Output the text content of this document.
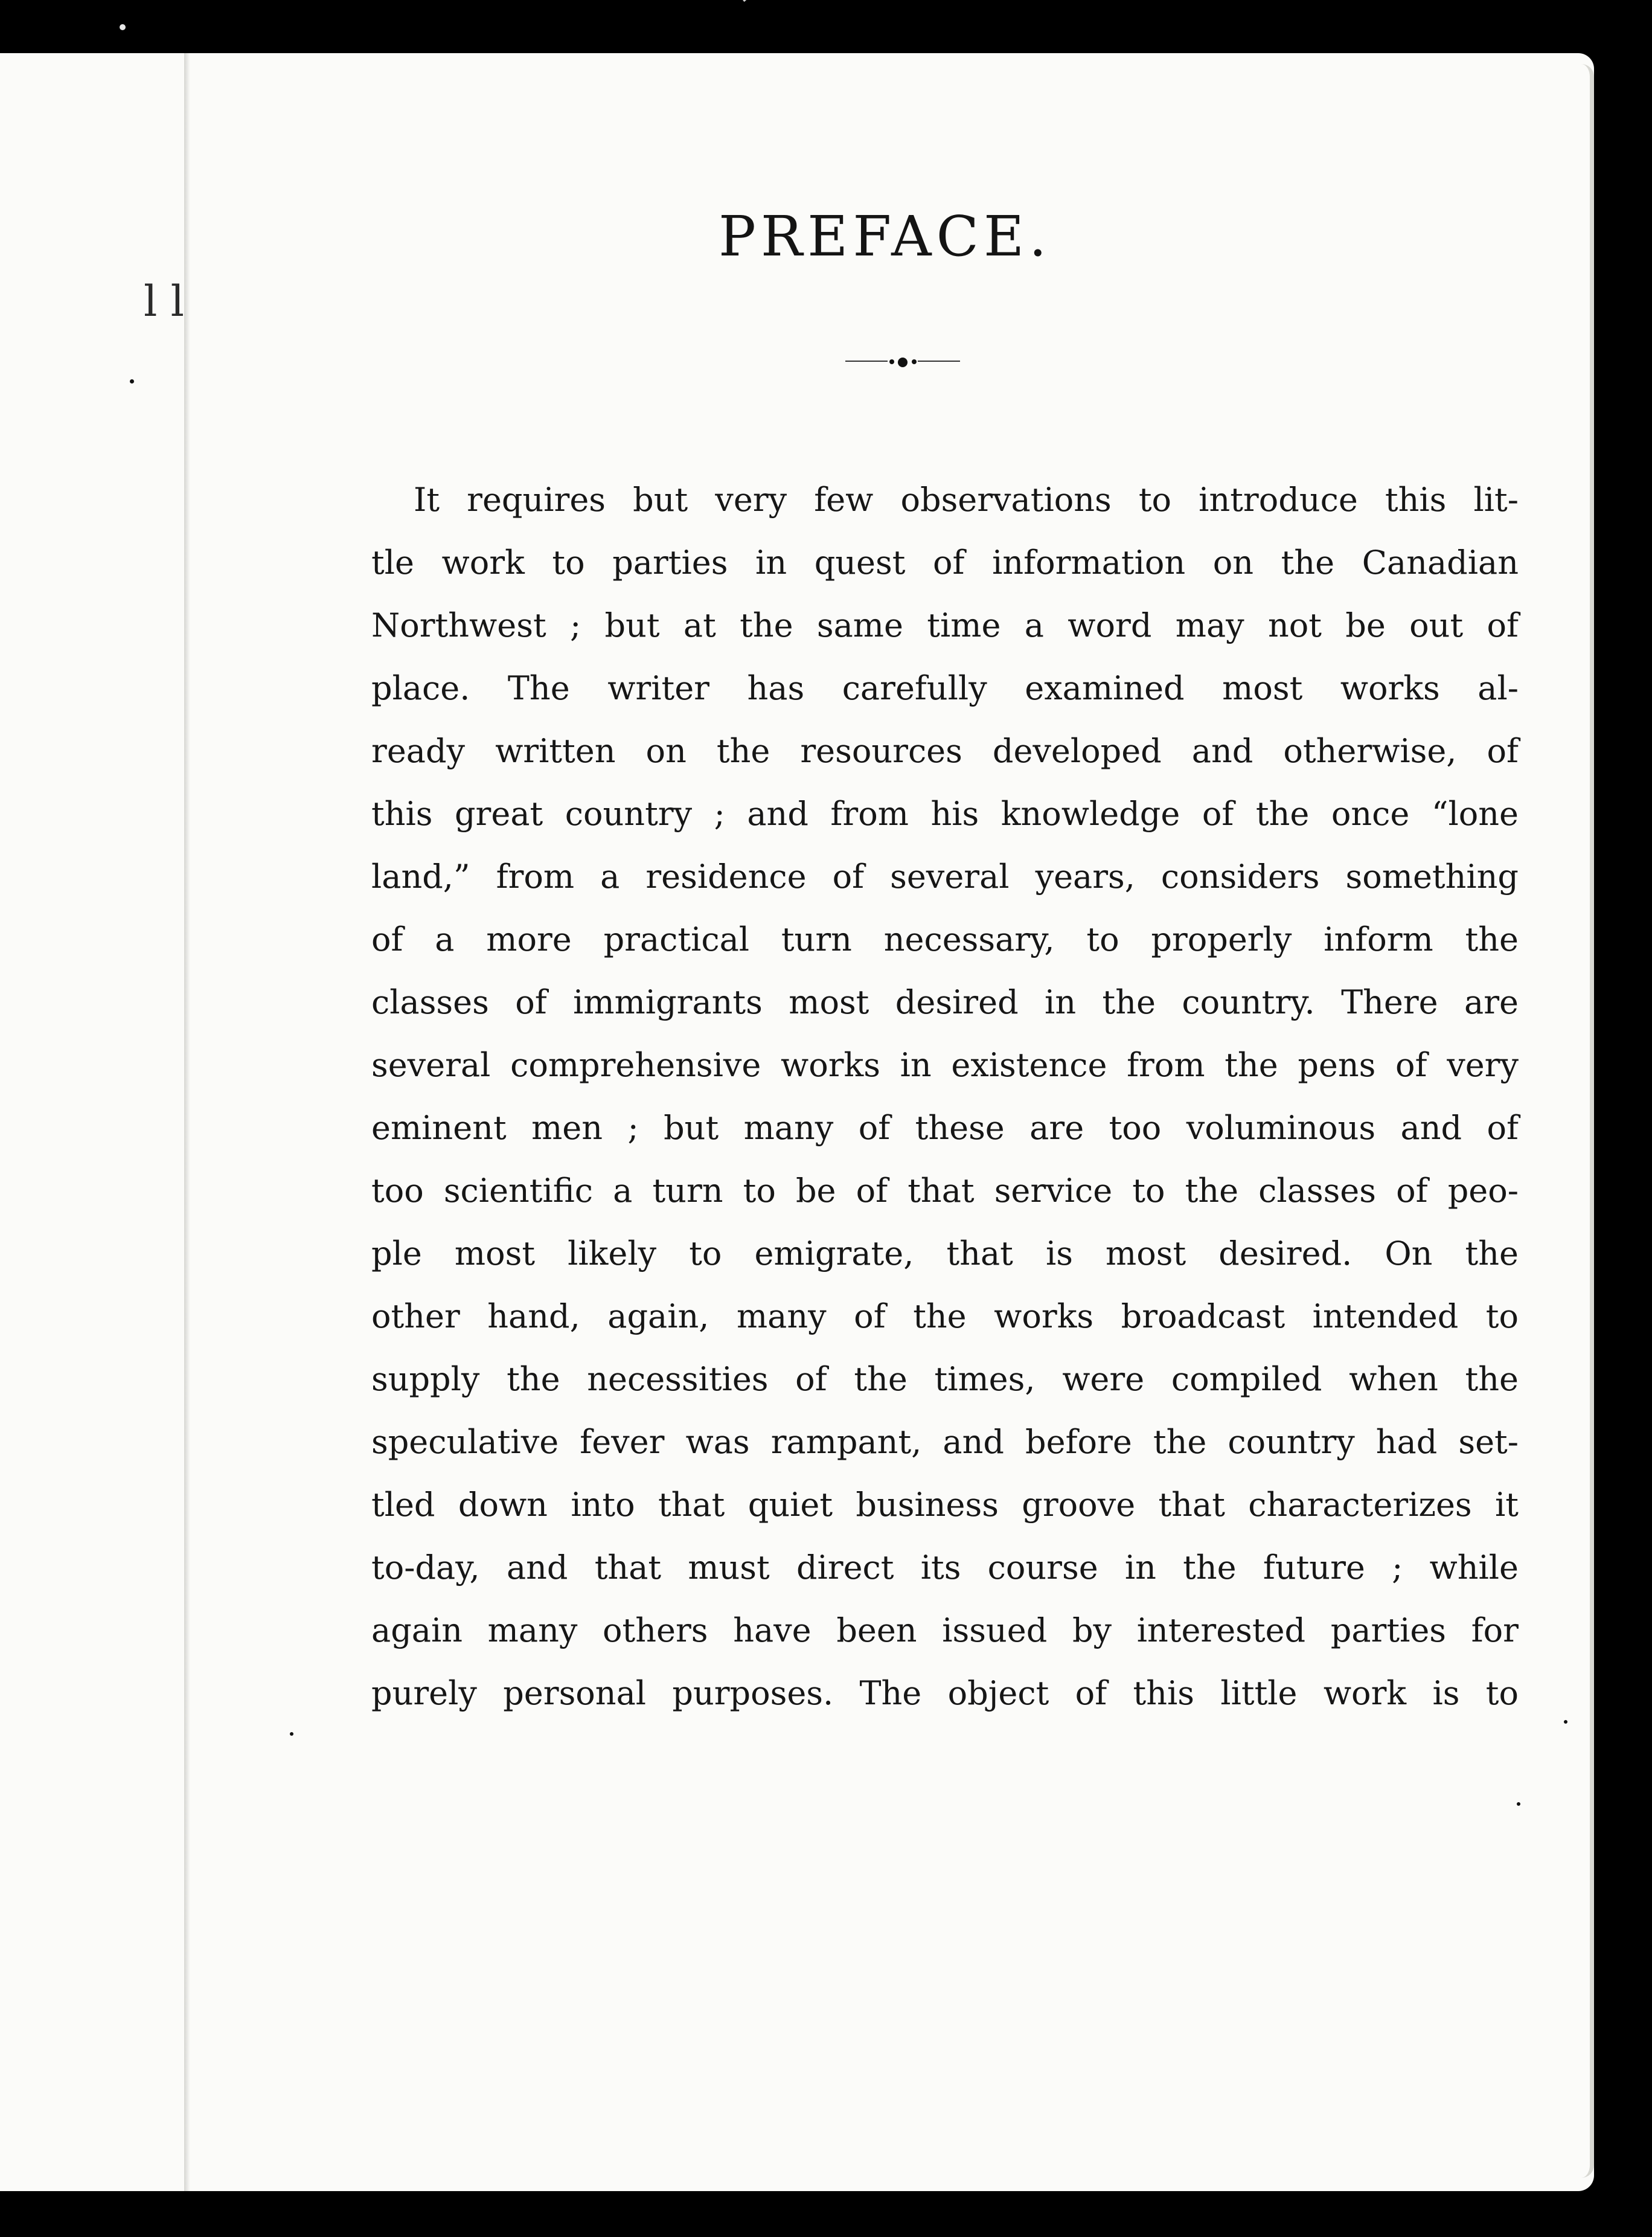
PREFACE.
It requires but very few observations to introduce this lit-
tle work to parties in quest of information on the Canadian
Northwest ; but at the same time a word may not be out of
place. The writer has carefully examined most works al-
ready written on the resources developed and otherwise, of
this great country ; and from his knowledge of the once “lone
land,” from a residence of several years, considers something
of a more practical turn necessary, to properly inform the
classes of immigrants most desired in the country. There are
several comprehensive works in existence from the pens of very
eminent men ; but many of these are too voluminous and of
too scientific a turn to be of that service to the classes of peo-
ple most likely to emigrate, that is most desired. On the
other hand, again, many of the works broadcast intended to
supply the necessities of the times, were compiled when the
speculative fever was rampant, and before the country had set-
tled down into that quiet business groove that characterizes it
to-day, and that must direct its course in the future ; while
again many others have been issued by interested parties for
purely personal purposes. The object of this little work is to
l l
